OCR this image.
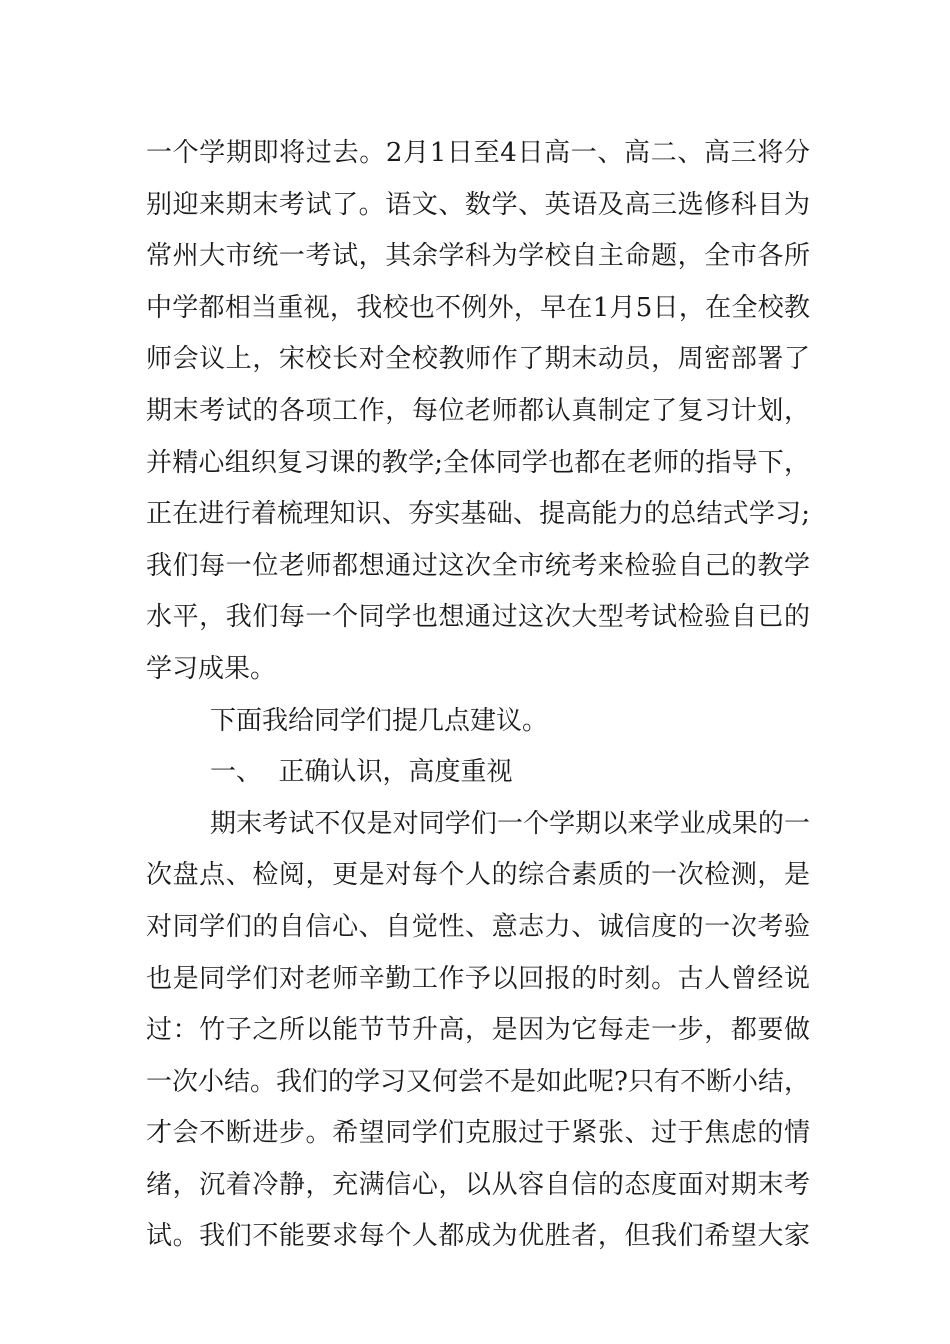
一个学期即将过去。2月1日至4日高一、高二、高三将分
别迎来期末考试了。语文、数学、英语及高三选修科目为
常州大市统一考试，其余学科为学校自主命题，全市各所
中学都相当重视，我校也不例外，早在1月5日，在全校教
师会议上，宋校长对全校教师作了期末动员，周密部署了
期末考试的各项工作，每位老师都认真制定了复习计划，
并精心组织复习课的教学;全体同学也都在老师的指导下，
正在进行着梳理知识、夯实基础、提高能力的总结式学习;
我们每一位老师都想通过这次全市统考来检验自己的教学
水平，我们每一个同学也想通过这次大型考试检验自已的
学习成果。
下面我给同学们提几点建议。
一、  正确认识，高度重视
期末考试不仅是对同学们一个学期以来学业成果的一
次盘点、检阅，更是对每个人的综合素质的一次检测，是
对同学们的自信心、自觉性、意志力、诚信度的一次考验
也是同学们对老师辛勤工作予以回报的时刻。古人曾经说
过：竹子之所以能节节升高，是因为它每走一步，都要做
一次小结。我们的学习又何尝不是如此呢?只有不断小结，
才会不断进步。希望同学们克服过于紧张、过于焦虑的情
绪，沉着冷静，充满信心，以从容自信的态度面对期末考
试。我们不能要求每个人都成为优胜者，但我们希望大家
